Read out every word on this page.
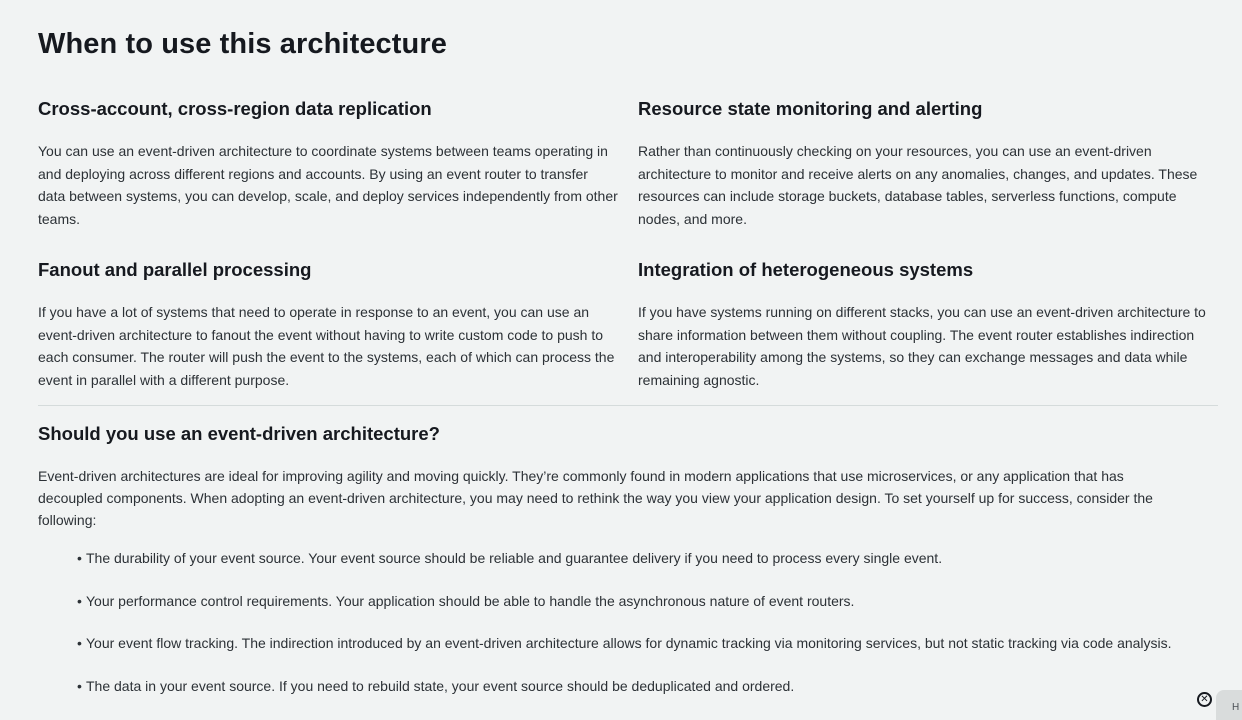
When to use this architecture
Cross-account, cross-region data replication

You can use an event-driven architecture to coordinate systems between teams operating in and deploying across different regions and accounts. By using an event router to transfer data between systems, you can develop, scale, and deploy services independently from other teams.

Resource state monitoring and alerting

Rather than continuously checking on your resources, you can use an event-driven architecture to monitor and receive alerts on any anomalies, changes, and updates. These resources can include storage buckets, database tables, serverless functions, compute nodes, and more.

Fanout and parallel processing

If you have a lot of systems that need to operate in response to an event, you can use an event-driven architecture to fanout the event without having to write custom code to push to each consumer. The router will push the event to the systems, each of which can process the event in parallel with a different purpose.

Integration of heterogeneous systems

If you have systems running on different stacks, you can use an event-driven architecture to share information between them without coupling. The event router establishes indirection and interoperability among the systems, so they can exchange messages and data while remaining agnostic.

Should you use an event-driven architecture?

Event-driven architectures are ideal for improving agility and moving quickly. They’re commonly found in modern applications that use microservices, or any application that has decoupled components. When adopting an event-driven architecture, you may need to rethink the way you view your application design. To set yourself up for success, consider the following:

• The durability of your event source. Your event source should be reliable and guarantee delivery if you need to process every single event.
• Your performance control requirements. Your application should be able to handle the asynchronous nature of event routers.
• Your event flow tracking. The indirection introduced by an event-driven architecture allows for dynamic tracking via monitoring services, but not static tracking via code analysis.
• The data in your event source. If you need to rebuild state, your event source should be deduplicated and ordered.
✕
H
